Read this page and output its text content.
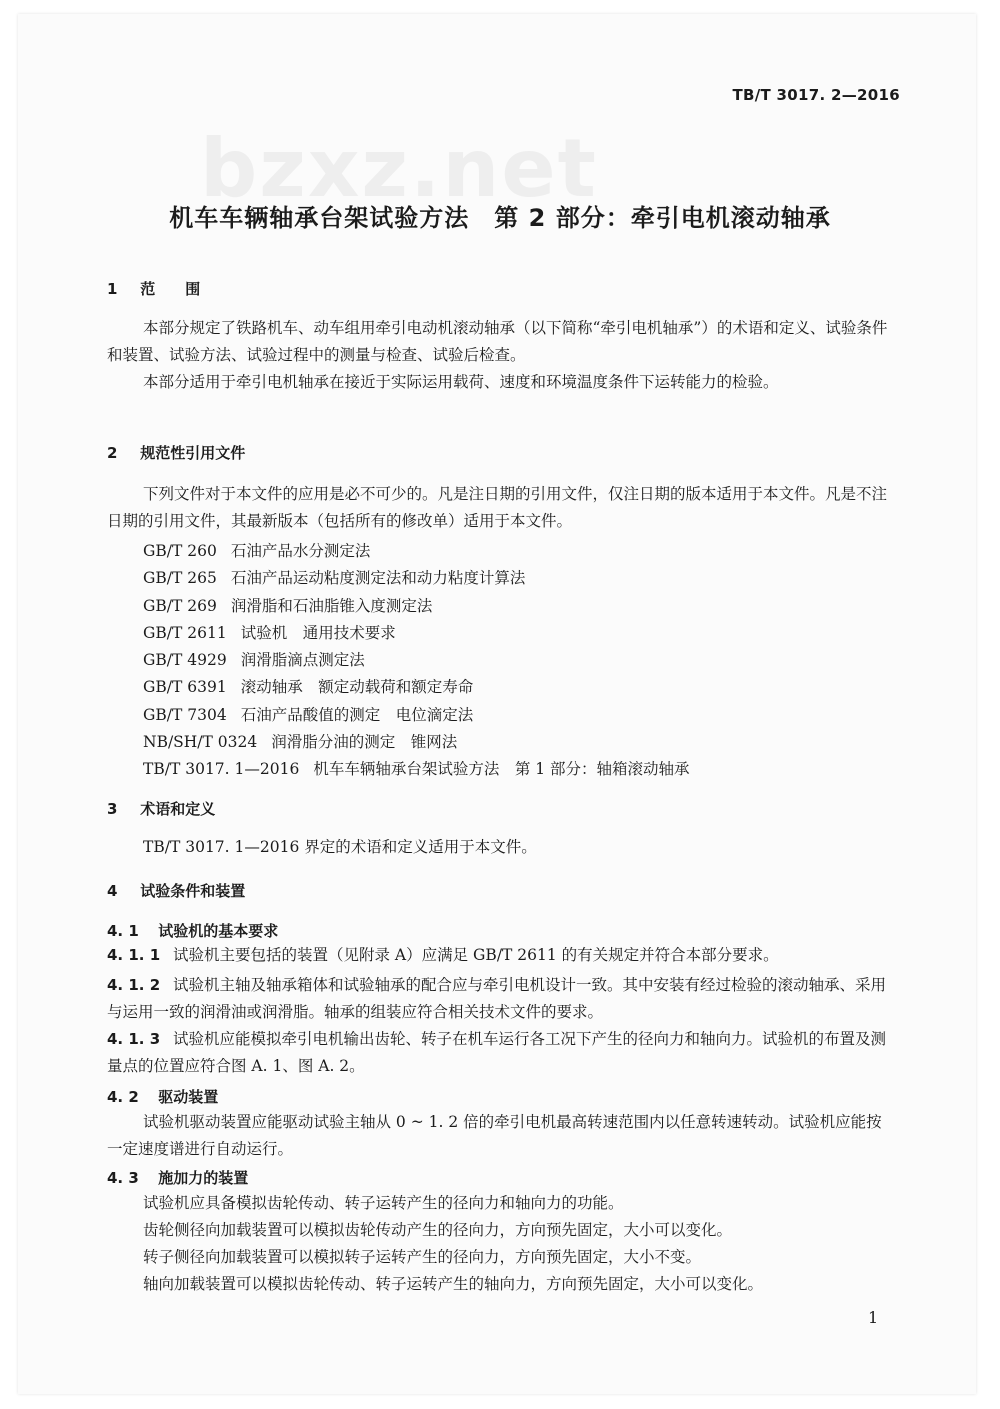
TB/T 3017. 2—2016
bzxz.net
机车车辆轴承台架试验方法　第 2 部分：牵引电机滚动轴承
1 范　　围
本部分规定了铁路机车、动车组用牵引电动机滚动轴承（以下简称“牵引电机轴承”）的术语和定义、试验条件和装置、试验方法、试验过程中的测量与检查、试验后检查。
本部分适用于牵引电机轴承在接近于实际运用载荷、速度和环境温度条件下运转能力的检验。
2 规范性引用文件
下列文件对于本文件的应用是必不可少的。凡是注日期的引用文件，仅注日期的版本适用于本文件。凡是不注日期的引用文件，其最新版本（包括所有的修改单）适用于本文件。
GB/T 260 石油产品水分测定法
GB/T 265 石油产品运动粘度测定法和动力粘度计算法
GB/T 269 润滑脂和石油脂锥入度测定法
GB/T 2611 试验机　通用技术要求
GB/T 4929 润滑脂滴点测定法
GB/T 6391 滚动轴承　额定动载荷和额定寿命
GB/T 7304 石油产品酸值的测定　电位滴定法
NB/SH/T 0324 润滑脂分油的测定　锥网法
TB/T 3017. 1—2016 机车车辆轴承台架试验方法　第 1 部分：轴箱滚动轴承
3 术语和定义
TB/T 3017. 1—2016 界定的术语和定义适用于本文件。
4 试验条件和装置
4. 1 试验机的基本要求
4. 1. 1 试验机主要包括的装置（见附录 A）应满足 GB/T 2611 的有关规定并符合本部分要求。
4. 1. 2 试验机主轴及轴承箱体和试验轴承的配合应与牵引电机设计一致。其中安装有经过检验的滚动轴承、采用与运用一致的润滑油或润滑脂。轴承的组装应符合相关技术文件的要求。
4. 1. 3 试验机应能模拟牵引电机输出齿轮、转子在机车运行各工况下产生的径向力和轴向力。试验机的布置及测量点的位置应符合图 A. 1、图 A. 2。
4. 2 驱动装置
试验机驱动装置应能驱动试验主轴从 0 ~ 1. 2 倍的牵引电机最高转速范围内以任意转速转动。试验机应能按一定速度谱进行自动运行。
4. 3 施加力的装置
试验机应具备模拟齿轮传动、转子运转产生的径向力和轴向力的功能。
齿轮侧径向加载装置可以模拟齿轮传动产生的径向力，方向预先固定，大小可以变化。
转子侧径向加载装置可以模拟转子运转产生的径向力，方向预先固定，大小不变。
轴向加载装置可以模拟齿轮传动、转子运转产生的轴向力，方向预先固定，大小可以变化。
1
